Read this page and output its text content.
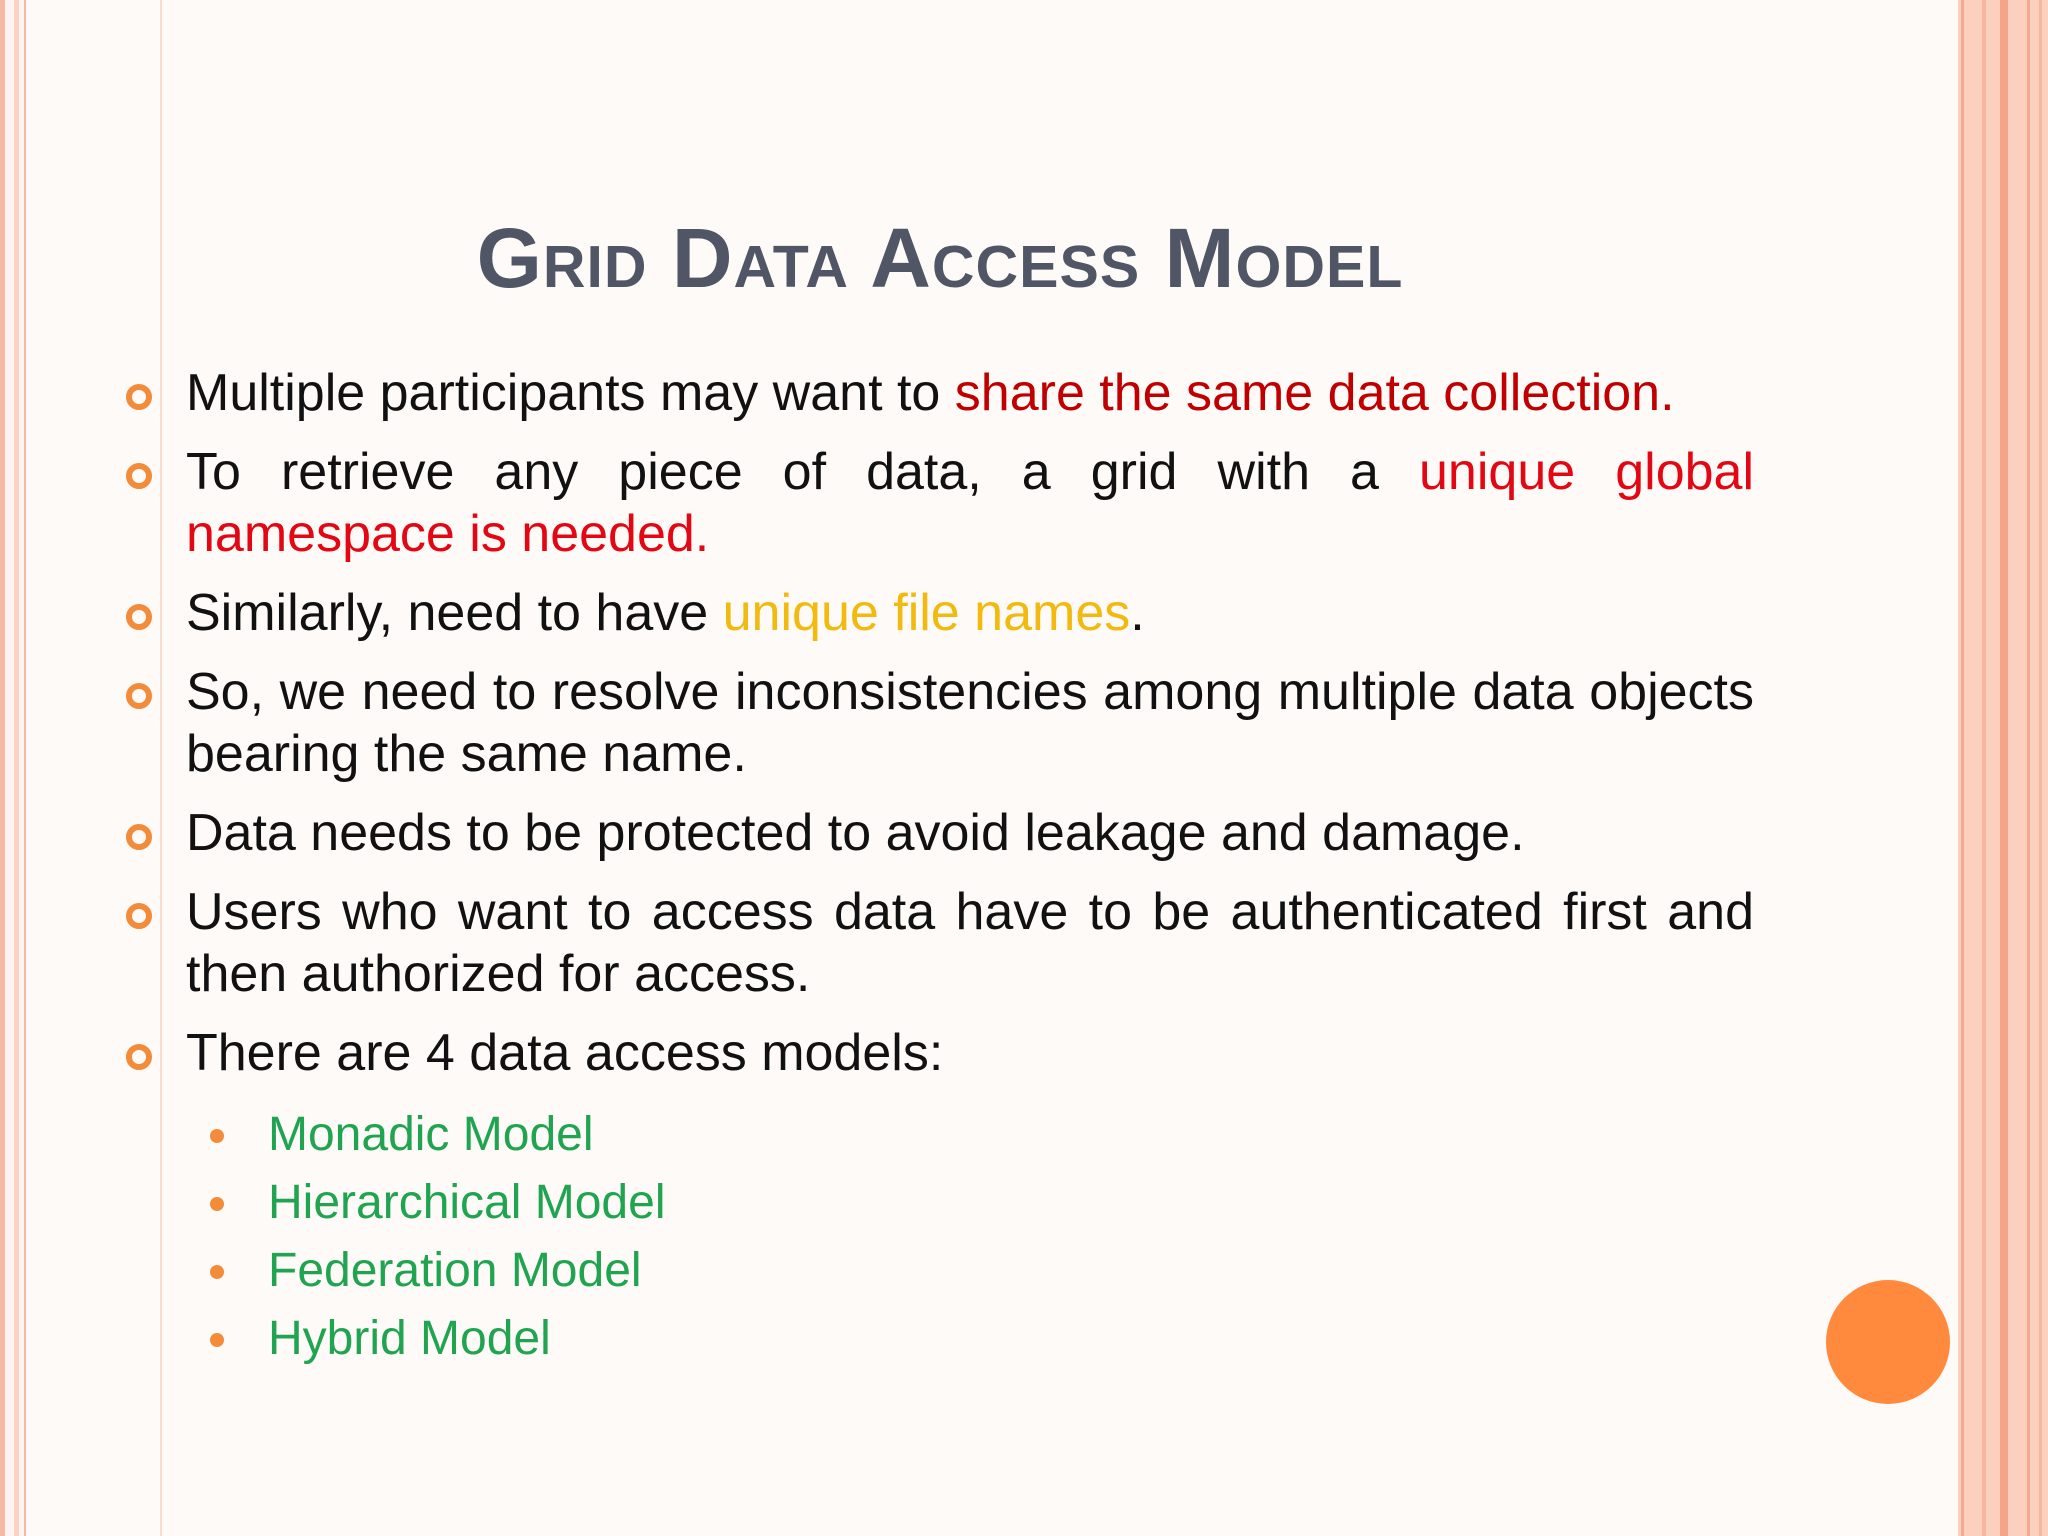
Grid Data Access Model
Multiple participants may want to share the same data collection.
To retrieve any piece of data, a grid with a unique global namespace is needed.
Similarly, need to have unique file names.
So, we need to resolve inconsistencies among multiple data objects bearing the same name.
Data needs to be protected to avoid leakage and damage.
Users who want to access data have to be authenticated first and then authorized for access.
There are 4 data access models:
Monadic Model
Hierarchical Model
Federation Model
Hybrid Model
